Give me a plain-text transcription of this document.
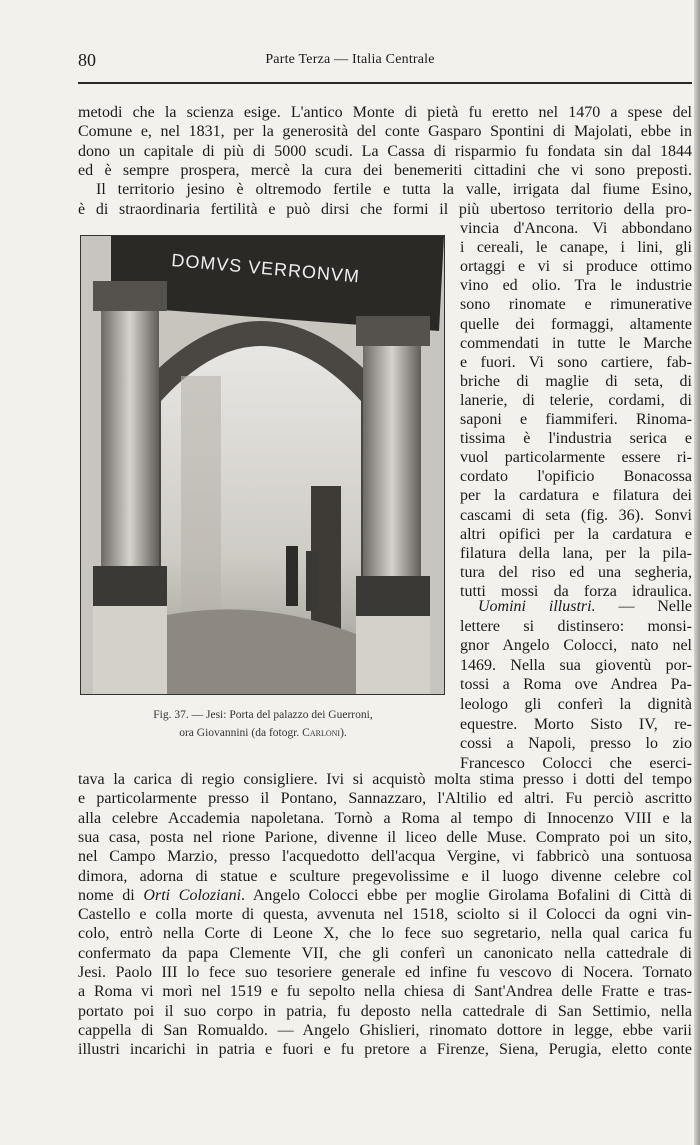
80	Parte Terza — Italia Centrale
metodi che la scienza esige. L'antico Monte di pietà fu eretto nel 1470 a spese del
Comune e, nel 1831, per la generosità del conte Gasparo Spontini di Majolati, ebbe in
dono un capitale di più di 5000 scudi. La Cassa di risparmio fu fondata sin dal 1844
ed è sempre prospera, mercè la cura dei benemeriti cittadini che vi sono preposti.
Il territorio jesino è oltremodo fertile e tutta la valle, irrigata dal fiume Esino,
è di straordinaria fertilità e può dirsi che formi il più ubertoso territorio della pro-
vincia d'Ancona. Vi abbondano
i cereali, le canape, i lini, gli
ortaggi e vi si produce ottimo
vino ed olio. Tra le industrie
sono rinomate e rimunerative
quelle dei formaggi, altamente
commendati in tutte le Marche
e fuori. Vi sono cartiere, fab-
briche di maglie di seta, di
lanerie, di telerie, cordami, di
saponi e fiammiferi. Rinoma-
tissima è l'industria serica e
vuol particolarmente essere ri-
cordato l'opificio Bonacossa
per la cardatura e filatura dei
cascami di seta (fig. 36). Sonvi
altri opifici per la cardatura e
filatura della lana, per la pila-
tura del riso ed una segheria,
tutti mossi da forza idraulica.
Uomini illustri. — Nelle
lettere si distinsero: monsi-
gnor Angelo Colocci, nato nel
1469. Nella sua gioventù por-
tossi a Roma ove Andrea Pa-
leologo gli conferì la dignità
equestre. Morto Sisto IV, re-
cossi a Napoli, presso lo zio
Francesco Colocci che eserci-
tava la carica di regio consigliere. Ivi si acquistò molta stima presso i dotti del tempo
e particolarmente presso il Pontano, Sannazzaro, l'Altilio ed altri. Fu perciò ascritto
alla celebre Accademia napoletana. Tornò a Roma al tempo di Innocenzo VIII e la
sua casa, posta nel rione Parione, divenne il liceo delle Muse. Comprato poi un sito,
nel Campo Marzio, presso l'acquedotto dell'acqua Vergine, vi fabbricò una sontuosa
dimora, adorna di statue e sculture pregevolissime e il luogo divenne celebre col
nome di Orti Coloziani. Angelo Colocci ebbe per moglie Girolama Bofalini di Città di
Castello e colla morte di questa, avvenuta nel 1518, sciolto si il Colocci da ogni vin-
colo, entrò nella Corte di Leone X, che lo fece suo segretario, nella qual carica fu
confermato da papa Clemente VII, che gli conferì un canonicato nella cattedrale di
Jesi. Paolo III lo fece suo tesoriere generale ed infine fu vescovo di Nocera. Tornato
a Roma vi morì nel 1519 e fu sepolto nella chiesa di Sant'Andrea delle Fratte e tras-
portato poi il suo corpo in patria, fu deposto nella cattedrale di San Settimio, nella
cappella di San Romualdo. — Angelo Ghislieri, rinomato dottore in legge, ebbe varii
illustri incarichi in patria e fuori e fu pretore a Firenze, Siena, Perugia, eletto conte
DOMVS VERRONVM
Fig. 37. — Jesi: Porta del palazzo dei Guerroni,
ora Giovannini (da fotogr. Carloni).
